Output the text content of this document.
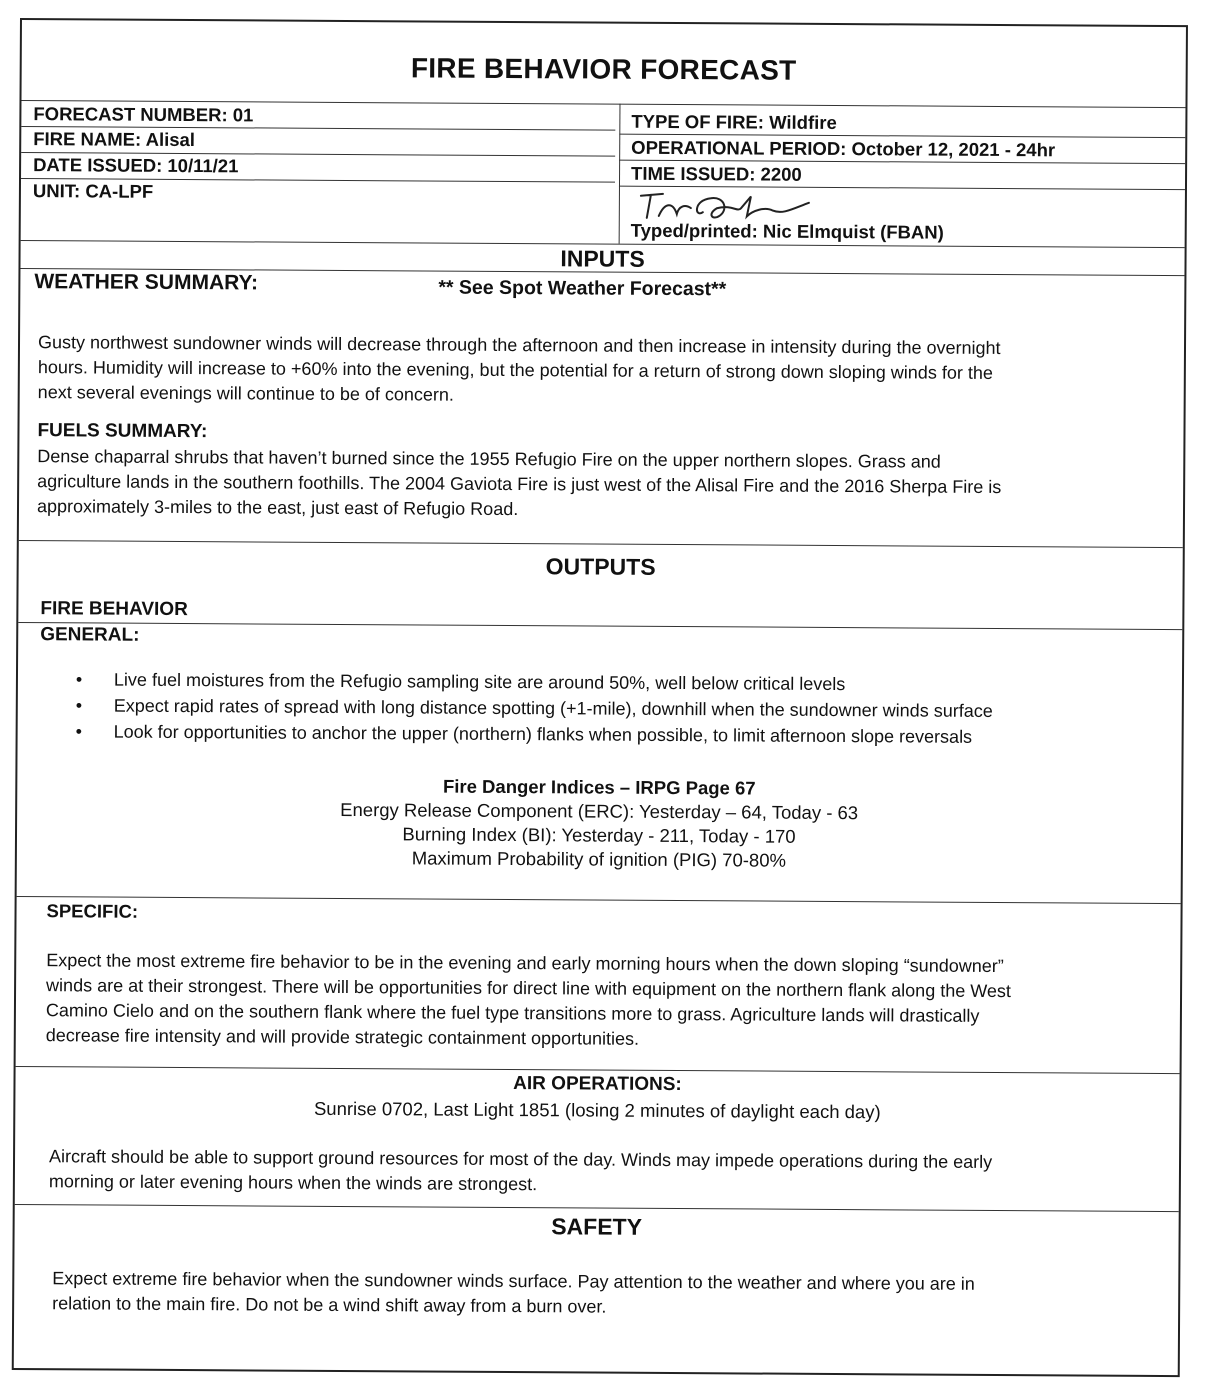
FIRE BEHAVIOR FORECAST
FORECAST NUMBER: 01
FIRE NAME: Alisal
DATE ISSUED: 10/11/21
UNIT: CA-LPF
TYPE OF FIRE: Wildfire
OPERATIONAL PERIOD: October 12, 2021 - 24hr
TIME ISSUED: 2200
Typed/printed: Nic Elmquist (FBAN)
INPUTS
WEATHER SUMMARY:	** See Spot Weather Forecast**

Gusty northwest sundowner winds will decrease through the afternoon and then increase in intensity during the overnight

hours. Humidity will increase to +60% into the evening, but the potential for a return of strong down sloping winds for the

next several evenings will continue to be of concern.

FUELS SUMMARY:

Dense chaparral shrubs that haven’t burned since the 1955 Refugio Fire on the upper northern slopes. Grass and

agriculture lands in the southern foothills. The 2004 Gaviota Fire is just west of the Alisal Fire and the 2016 Sherpa Fire is

approximately 3-miles to the east, just east of Refugio Road.

OUTPUTS
FIRE BEHAVIOR
GENERAL:
• Live fuel moistures from the Refugio sampling site are around 50%, well below critical levels
• Expect rapid rates of spread with long distance spotting (+1-mile), downhill when the sundowner winds surface
• Look for opportunities to anchor the upper (northern) flanks when possible, to limit afternoon slope reversals
Fire Danger Indices – IRPG Page 67
Energy Release Component (ERC): Yesterday – 64, Today - 63
Burning Index (BI): Yesterday - 211, Today - 170
Maximum Probability of ignition (PIG) 70-80%
SPECIFIC:

Expect the most extreme fire behavior to be in the evening and early morning hours when the down sloping “sundowner”

winds are at their strongest. There will be opportunities for direct line with equipment on the northern flank along the West

Camino Cielo and on the southern flank where the fuel type transitions more to grass. Agriculture lands will drastically

decrease fire intensity and will provide strategic containment opportunities.

AIR OPERATIONS:
Sunrise 0702, Last Light 1851 (losing 2 minutes of daylight each day)

Aircraft should be able to support ground resources for most of the day. Winds may impede operations during the early

morning or later evening hours when the winds are strongest.

SAFETY

Expect extreme fire behavior when the sundowner winds surface. Pay attention to the weather and where you are in

relation to the main fire. Do not be a wind shift away from a burn over.
